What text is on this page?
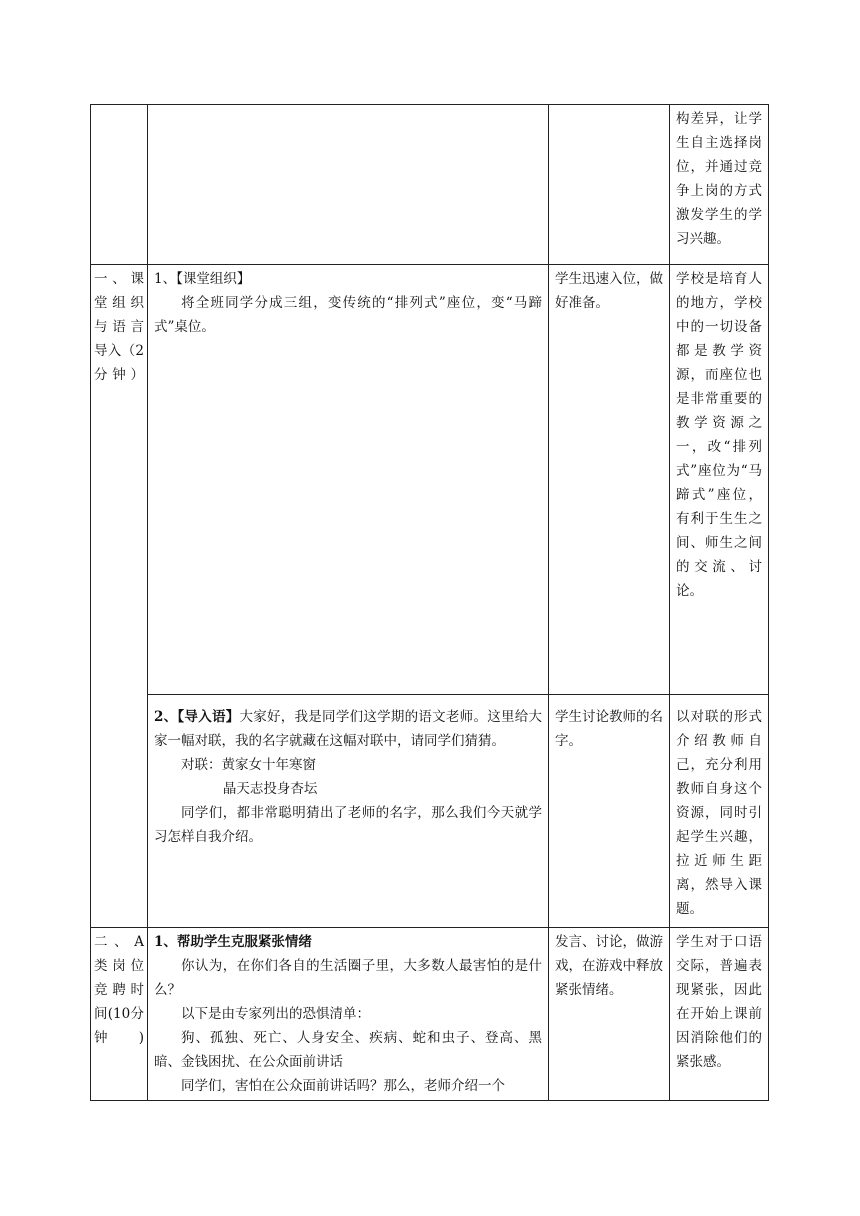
			构差异，让学生自主选择岗位，并通过竞争上岗的方式激发学生的学习兴趣。

一、课堂组织与语言导入（2分钟）	1、【课堂组织】

将全班同学分成三组，变传统的“排列式”座位，变“马蹄式”桌位。	学生迅速入位，做好准备。	学校是培育人的地方，学校中的一切设备都是教学资源，而座位也是非常重要的教学资源之一，改“排列式”座位为“马蹄式”座位，有利于生生之间、师生之间的交流、讨论。

	2、【导入语】大家好，我是同学们这学期的语文老师。这里给大家一幅对联，我的名字就藏在这幅对联中，请同学们猜猜。

对联：黄家女十年寒窗

晶天志投身杏坛

同学们，都非常聪明猜出了老师的名字，那么我们今天就学习怎样自我介绍。	学生讨论教师的名字。	以对联的形式介绍教师自己，充分利用教师自身这个资源，同时引起学生兴趣，拉近师生距离，然导入课题。

二、A类岗位竞聘时间(10分钟)	1、帮助学生克服紧张情绪

你认为，在你们各自的生活圈子里，大多数人最害怕的是什么？

以下是由专家列出的恐惧清单：

狗、孤独、死亡、人身安全、疾病、蛇和虫子、登高、黑暗、金钱困扰、在公众面前讲话

同学们，害怕在公众面前讲话吗？那么，老师介绍一个	发言、讨论，做游戏，在游戏中释放紧张情绪。	学生对于口语交际，普遍表现紧张，因此在开始上课前因消除他们的紧张感。
